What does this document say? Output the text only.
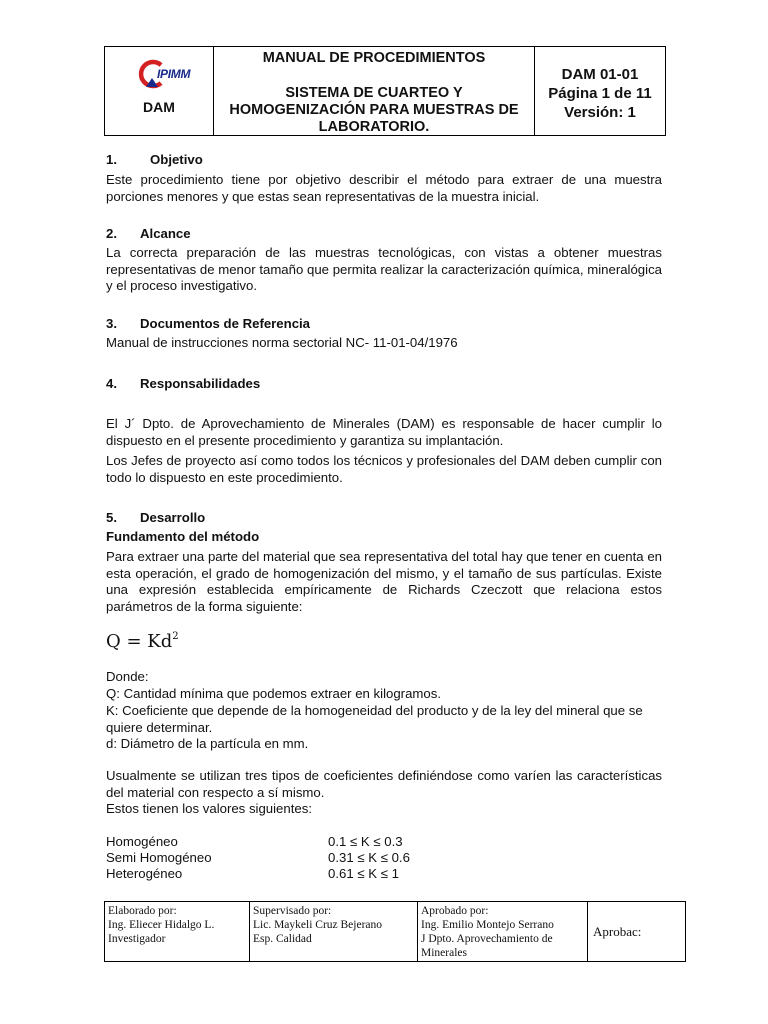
IPIMM
DAM
MANUAL DE PROCEDIMIENTOS
SISTEMA DE CUARTEO Y
HOMOGENIZACIÓN PARA MUESTRAS DE
LABORATORIO.
DAM 01-01
Página 1 de 11
Versión: 1
1.	Objetivo
Este procedimiento tiene por objetivo describir el método para extraer de una muestra porciones menores y que estas sean representativas de la muestra inicial.
2. Alcance
La correcta preparación de las muestras tecnológicas, con vistas a obtener muestras representativas de menor tamaño que permita realizar la caracterización química, mineralógica y el proceso investigativo.
3. Documentos de Referencia
Manual de instrucciones norma sectorial NC- 11-01-04/1976
4. Responsabilidades
El J´ Dpto. de Aprovechamiento de Minerales (DAM) es responsable de hacer cumplir lo dispuesto en el presente procedimiento y garantiza su implantación.
Los Jefes de proyecto así como todos los técnicos y profesionales del DAM deben cumplir con todo lo dispuesto en este procedimiento.
5. Desarrollo
Fundamento del método
Para extraer una parte del material que sea representativa del total hay que tener en cuenta en esta operación, el grado de homogenización del mismo, y el tamaño de sus partículas. Existe una expresión establecida empíricamente de Richards Czeczott que relaciona estos parámetros de la forma siguiente:
$Q = Kd^2$
Donde:
Q: Cantidad mínima que podemos extraer en kilogramos.
K: Coeficiente que depende de la homogeneidad del producto y de la ley del mineral que se quiere determinar.
d: Diámetro de la partícula en mm.
Usualmente se utilizan tres tipos de coeficientes definiéndose como varíen las características del material con respecto a sí mismo.
Estos tienen los valores siguientes:
Homogéneo	0.1 ≤ K ≤ 0.3
Semi Homogéneo	0.31 ≤ K ≤ 0.6
Heterogéneo	0.61 ≤ K ≤ 1
Elaborado por:
Ing. Eliecer Hidalgo L.
Investigador
Supervisado por:
Lic. Maykeli Cruz Bejerano
Esp. Calidad
Aprobado por:
Ing. Emilio Montejo Serrano
J Dpto. Aprovechamiento de Minerales
Aprobac:
